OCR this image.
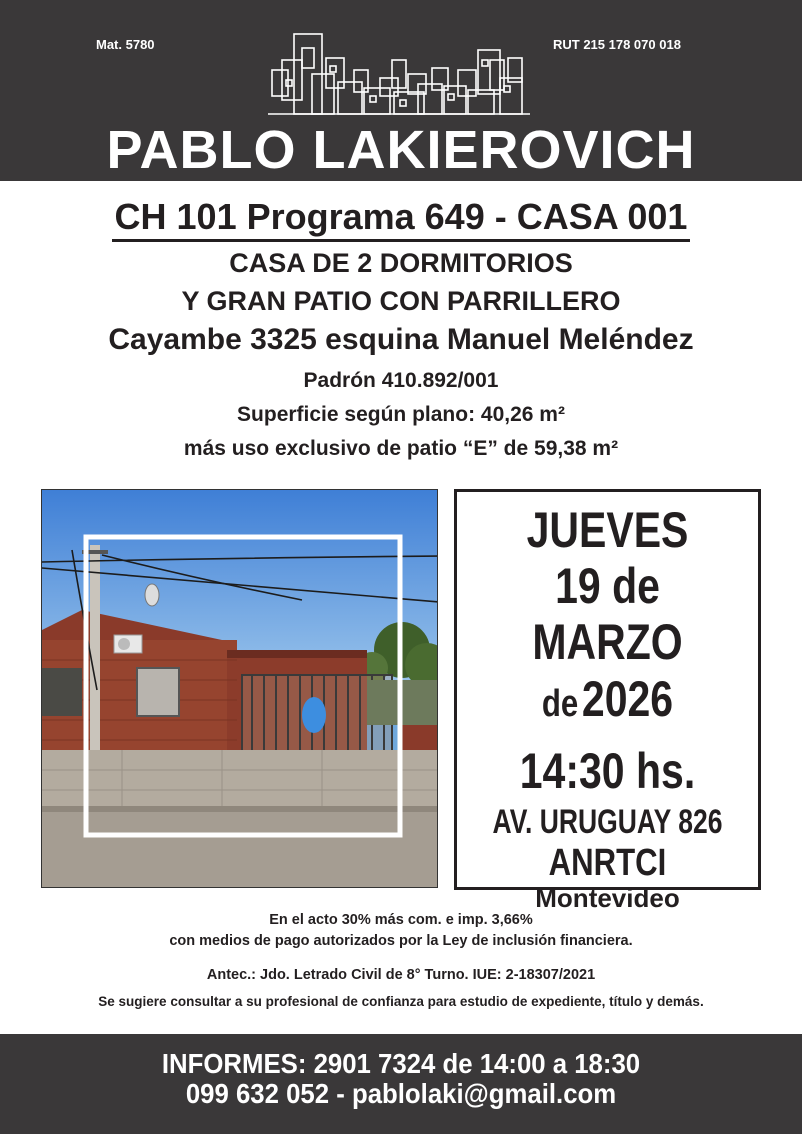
Mat. 5780	RUT 215 178 070 018
PABLO LAKIEROVICH
CH 101 Programa 649 - CASA 001
CASA DE 2 DORMITORIOS
Y GRAN PATIO CON PARRILLERO
Cayambe 3325 esquina Manuel Meléndez
Padrón 410.892/001
Superficie según plano: 40,26 m²
más uso exclusivo de patio “E” de 59,38 m²
JUEVES
19 de
MARZO
de 2026
14:30 hs.
AV. URUGUAY 826
ANRTCI
Montevideo
En el acto 30% más com. e imp. 3,66%
con medios de pago autorizados por la Ley de inclusión financiera.
Antec.: Jdo. Letrado Civil de 8° Turno. IUE: 2-18307/2021
Se sugiere consultar a su profesional de confianza para estudio de expediente, título y demás.
INFORMES: 2901 7324 de 14:00 a 18:30
099 632 052 - pablolaki@gmail.com
